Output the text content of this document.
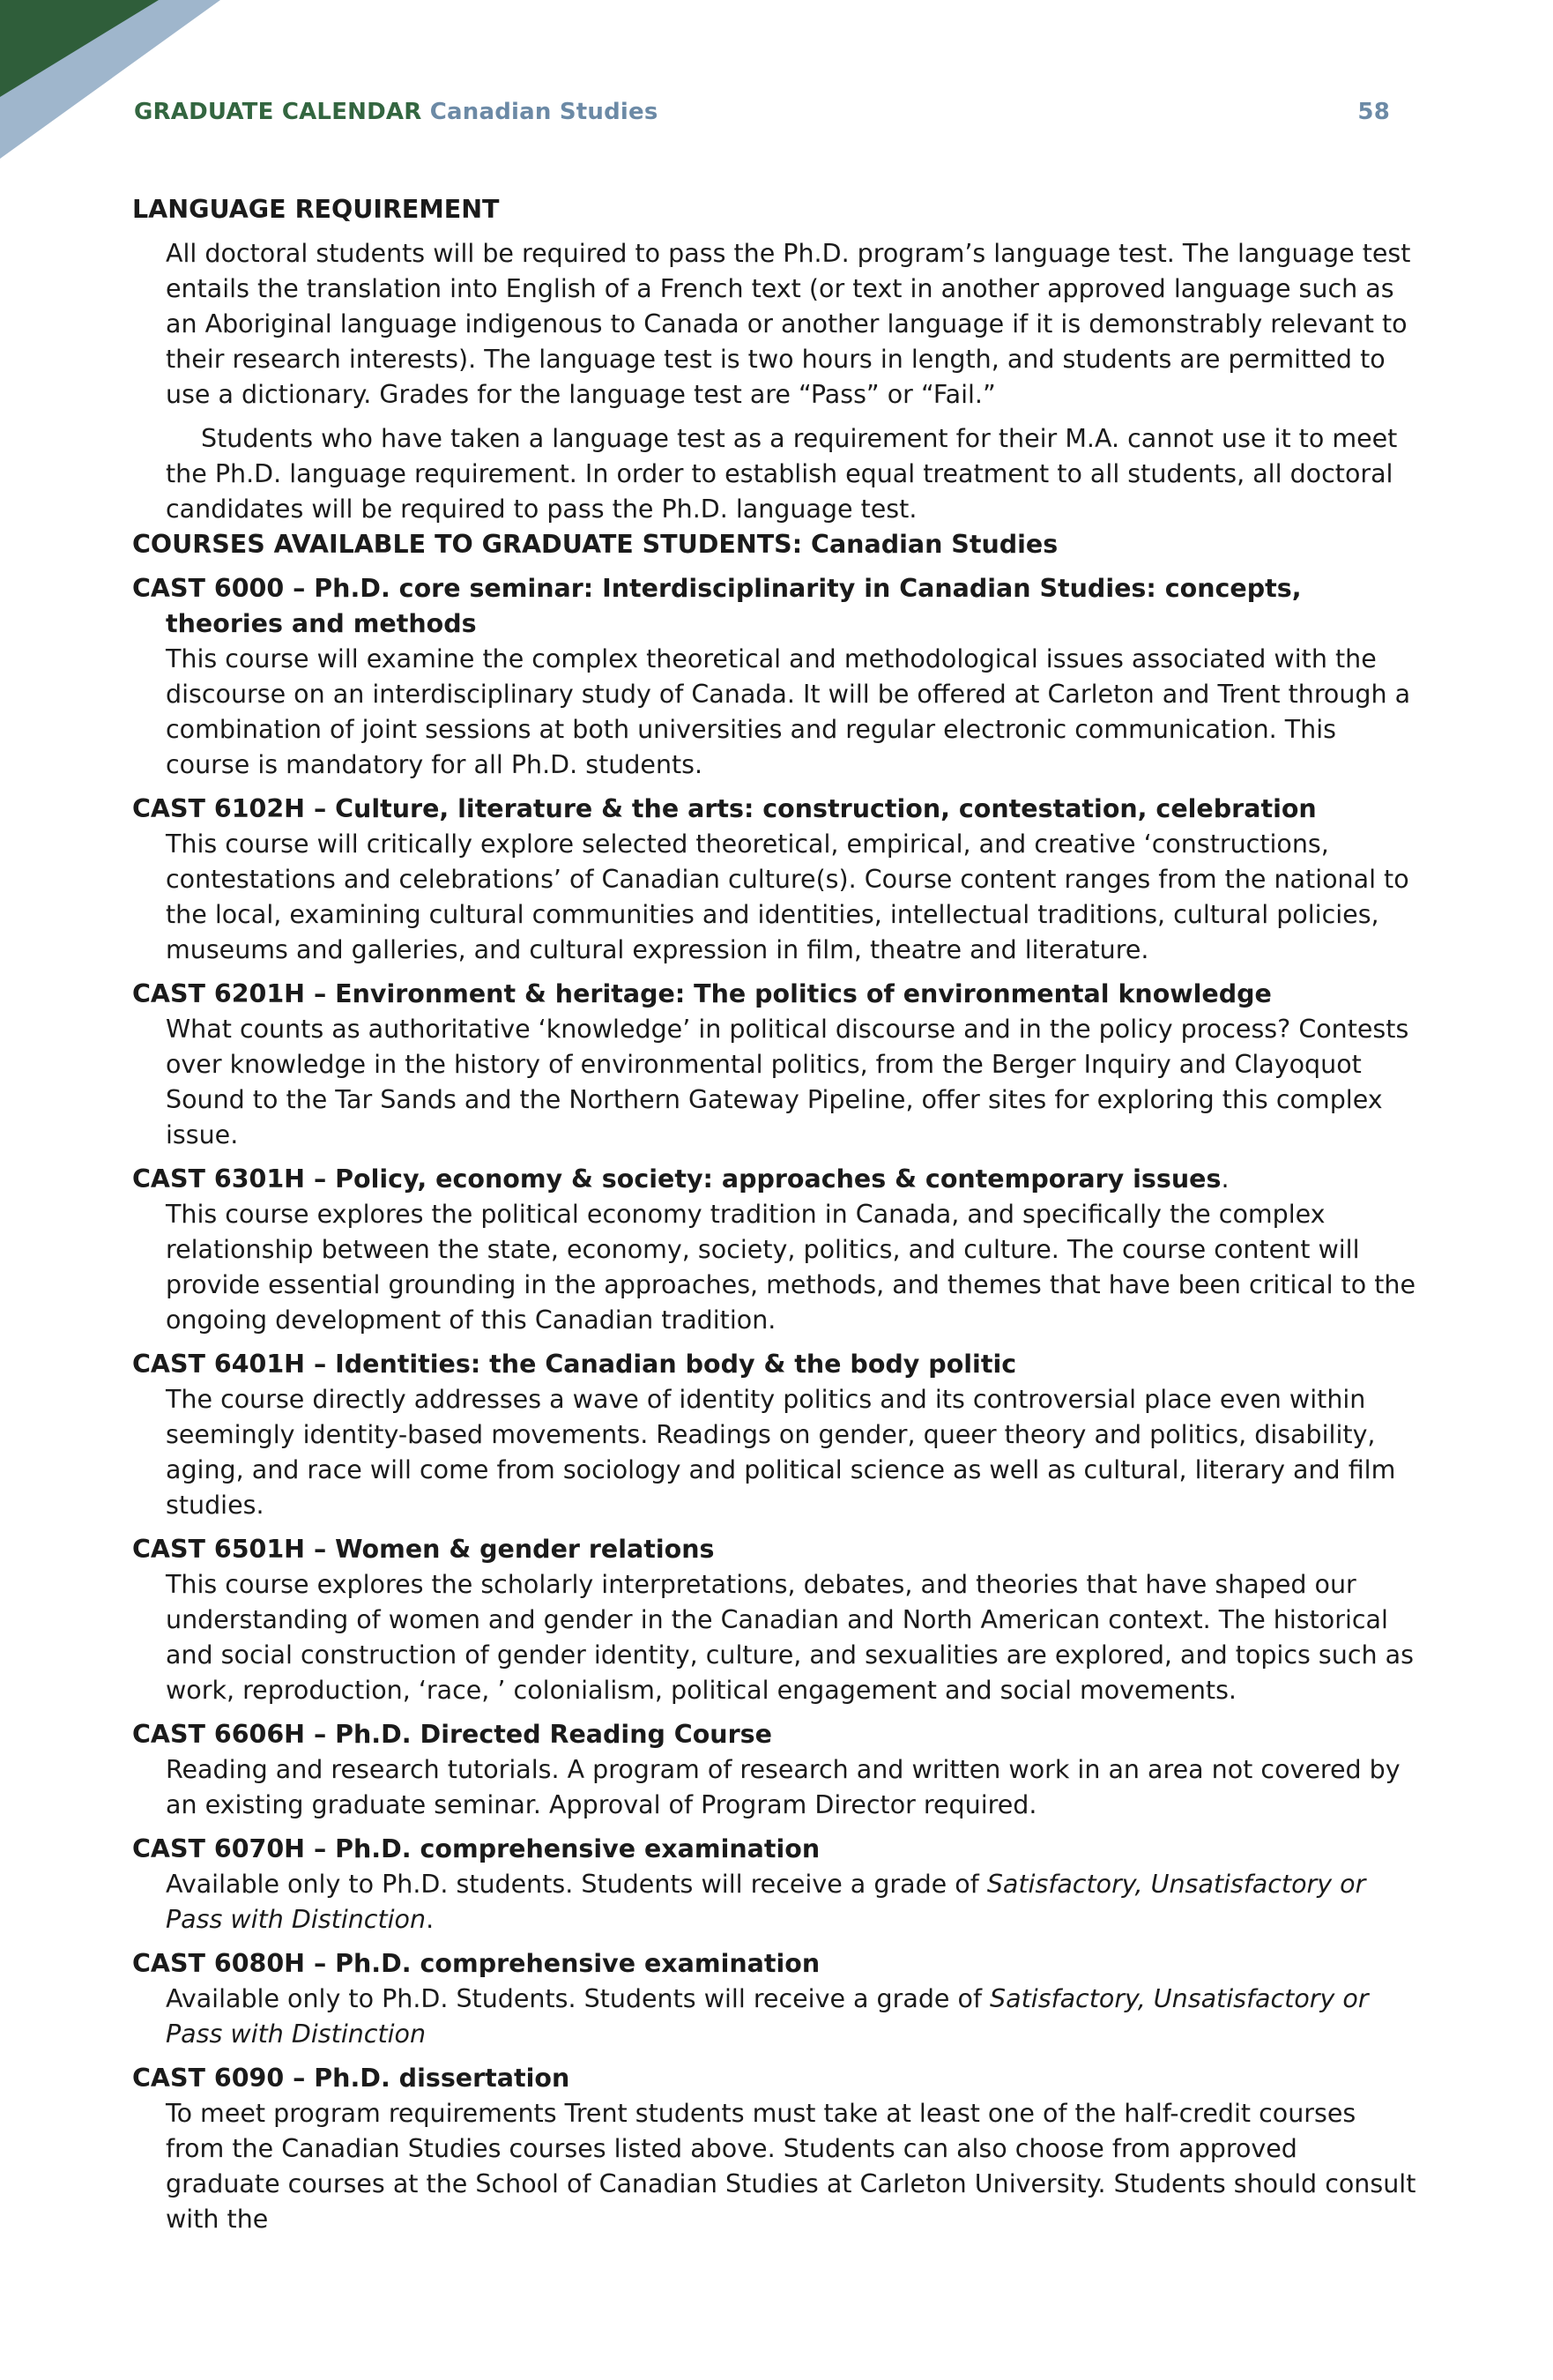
GRADUATE CALENDAR Canadian Studies	58
LANGUAGE REQUIREMENT
All doctoral students will be required to pass the Ph.D. program’s language test. The language test entails the translation into English of a French text (or text in another approved language such as an Aboriginal language indigenous to Canada or another language if it is demonstrably relevant to their research interests). The language test is two hours in length, and students are permitted to use a dictionary. Grades for the language test are “Pass” or “Fail.”
Students who have taken a language test as a requirement for their M.A. cannot use it to meet the Ph.D. language requirement. In order to establish equal treatment to all students, all doctoral candidates will be required to pass the Ph.D. language test.
COURSES AVAILABLE TO GRADUATE STUDENTS: Canadian Studies
CAST 6000 – Ph.D. core seminar: Interdisciplinarity in Canadian Studies: concepts, theories and methods
This course will examine the complex theoretical and methodological issues associated with the discourse on an interdisciplinary study of Canada. It will be offered at Carleton and Trent through a combination of joint sessions at both universities and regular electronic communication. This course is mandatory for all Ph.D. students.
CAST 6102H – Culture, literature & the arts: construction, contestation, celebration
This course will critically explore selected theoretical, empirical, and creative ‘constructions, contestations and celebrations’ of Canadian culture(s). Course content ranges from the national to the local, examining cultural communities and identities, intellectual traditions, cultural policies, museums and galleries, and cultural expression in film, theatre and literature.
CAST 6201H – Environment & heritage: The politics of environmental knowledge
What counts as authoritative ‘knowledge’ in political discourse and in the policy process? Contests over knowledge in the history of environmental politics, from the Berger Inquiry and Clayoquot Sound to the Tar Sands and the Northern Gateway Pipeline, offer sites for exploring this complex issue.
CAST 6301H – Policy, economy & society: approaches & contemporary issues.
This course explores the political economy tradition in Canada, and specifically the complex relationship between the state, economy, society, politics, and culture. The course content will provide essential grounding in the approaches, methods, and themes that have been critical to the ongoing development of this Canadian tradition.
CAST 6401H – Identities: the Canadian body & the body politic
The course directly addresses a wave of identity politics and its controversial place even within seemingly identity-based movements. Readings on gender, queer theory and politics, disability, aging, and race will come from sociology and political science as well as cultural, literary and film studies.
CAST 6501H – Women & gender relations
This course explores the scholarly interpretations, debates, and theories that have shaped our understanding of women and gender in the Canadian and North American context. The historical and social construction of gender identity, culture, and sexualities are explored, and topics such as work, reproduction, ‘race, ’ colonialism, political engagement and social movements.
CAST 6606H – Ph.D. Directed Reading Course
Reading and research tutorials. A program of research and written work in an area not covered by an existing graduate seminar. Approval of Program Director required.
CAST 6070H – Ph.D. comprehensive examination
Available only to Ph.D. students. Students will receive a grade of Satisfactory, Unsatisfactory or Pass with Distinction.
CAST 6080H – Ph.D. comprehensive examination
Available only to Ph.D. Students. Students will receive a grade of Satisfactory, Unsatisfactory or Pass with Distinction
CAST 6090 – Ph.D. dissertation
To meet program requirements Trent students must take at least one of the half-credit courses from the Canadian Studies courses listed above. Students can also choose from approved graduate courses at the School of Canadian Studies at Carleton University. Students should consult with the
